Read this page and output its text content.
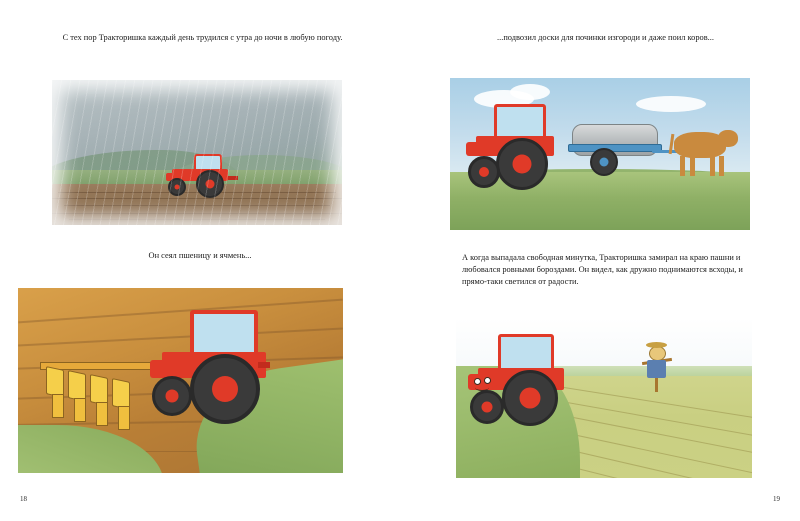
С тех пор Тракторишка каждый день трудился с утра до ночи в любую погоду.
Он сеял пшеницу и ячмень...
18
...подвозил доски для починки изгороди и даже поил коров...
А когда выпадала свободная минутка, Тракторишка замирал на краю пашни и любовался ровными бороздами. Он видел, как дружно поднимаются всходы, и прямо-таки светился от радости.
19
